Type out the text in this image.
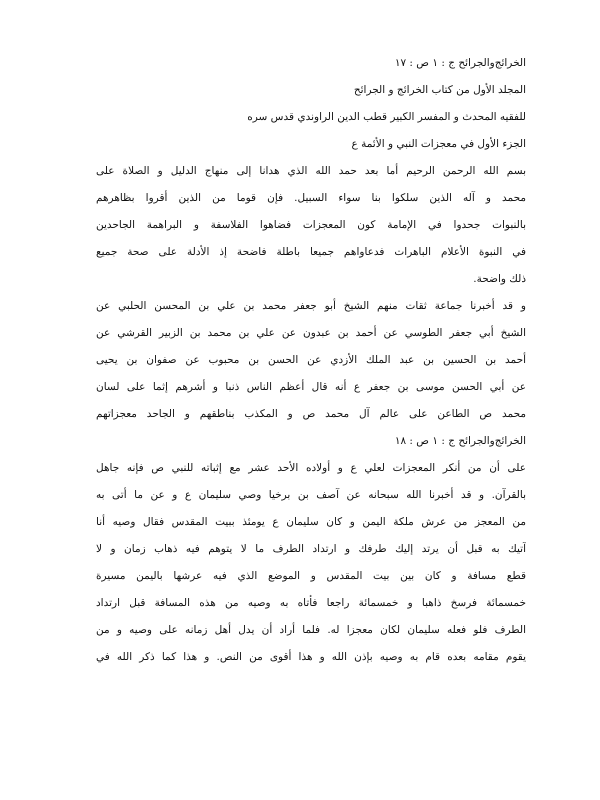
الخرائج‌والجرائح ج : ١ ص : ١٧
المجلد الأول من كتاب الخرائج و الجرائح
للفقيه المحدث و المفسر الكبير قطب الدين الراوندي قدس سره
الجزء الأول في معجزات النبي و الأئمة ع
بسم الله الرحمن الرحيم أما بعد حمد الله الذي هدانا إلى منهاج الدليل و الصلاة على
محمد و آله الذين سلكوا بنا سواء السبيل. فإن قوما من الذين أقروا بظاهرهم
بالنبوات جحدوا في الإمامة كون المعجزات فضاهوا الفلاسفة و البراهمة الجاحدين
في النبوة الأعلام الباهرات فدعاواهم جميعا باطلة فاضحة إذ الأدلة على صحة جميع
ذلك واضحة.
و قد أخبرنا جماعة ثقات منهم الشيخ أبو جعفر محمد بن علي بن المحسن الحلبي عن
الشيخ أبي جعفر الطوسي عن أحمد بن عبدون عن علي بن محمد بن الزبير القرشي عن
أحمد بن الحسين بن عبد الملك الأزدي عن الحسن بن محبوب عن صفوان بن يحيى
عن أبي الحسن موسى بن جعفر ع أنه قال أعظم الناس ذنبا و أشرهم إثما على لسان
محمد ص الطاعن على عالم آل محمد ص و المكذب بناطقهم و الجاحد معجزاتهم
الخرائج‌والجرائح ج : ١ ص : ١٨
على أن من أنكر المعجزات لعلي ع و أولاده الأحد عشر مع إثباته للنبي ص فإنه جاهل
بالقرآن. و قد أخبرنا الله سبحانه عن آصف بن برخيا وصي سليمان ع و عن ما أتى به
من المعجز من عرش ملكة اليمن و كان سليمان ع يومئذ ببيت المقدس فقال وصيه أنا
آتيك به قبل أن يرتد إليك طرفك و ارتداد الطرف ما لا يتوهم فيه ذهاب زمان و لا
قطع مسافة و كان بين بيت المقدس و الموضع الذي فيه عرشها باليمن مسيرة
خمسمائة فرسخ ذاهبا و خمسمائة راجعا فأتاه به وصيه من هذه المسافة قبل ارتداد
الطرف فلو فعله سليمان لكان معجزا له. فلما أراد أن يدل أهل زمانه على وصيه و من
يقوم مقامه بعده قام به وصيه بإذن الله و هذا أقوى من النص. و هذا كما ذكر الله في
